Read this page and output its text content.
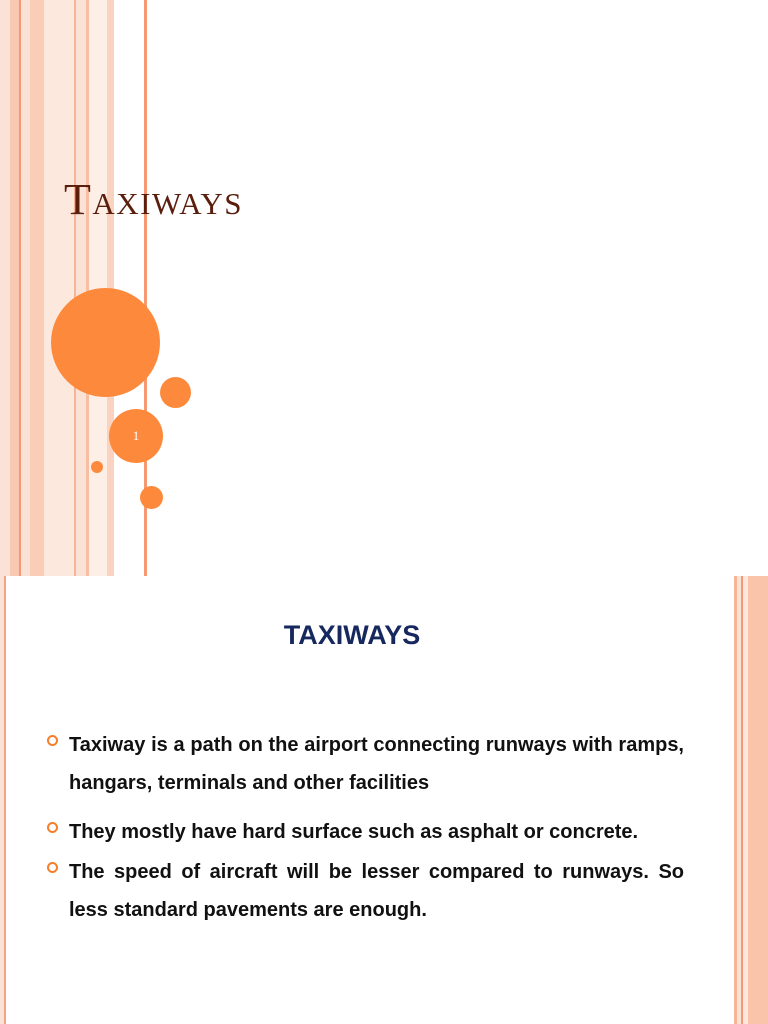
Taxiways
1
TAXIWAYS
Taxiway is a path on the airport connecting runways with ramps, hangars, terminals and other facilities
They mostly have hard surface such as asphalt or concrete.
The speed of aircraft will be lesser compared to runways. So less standard pavements are enough.
